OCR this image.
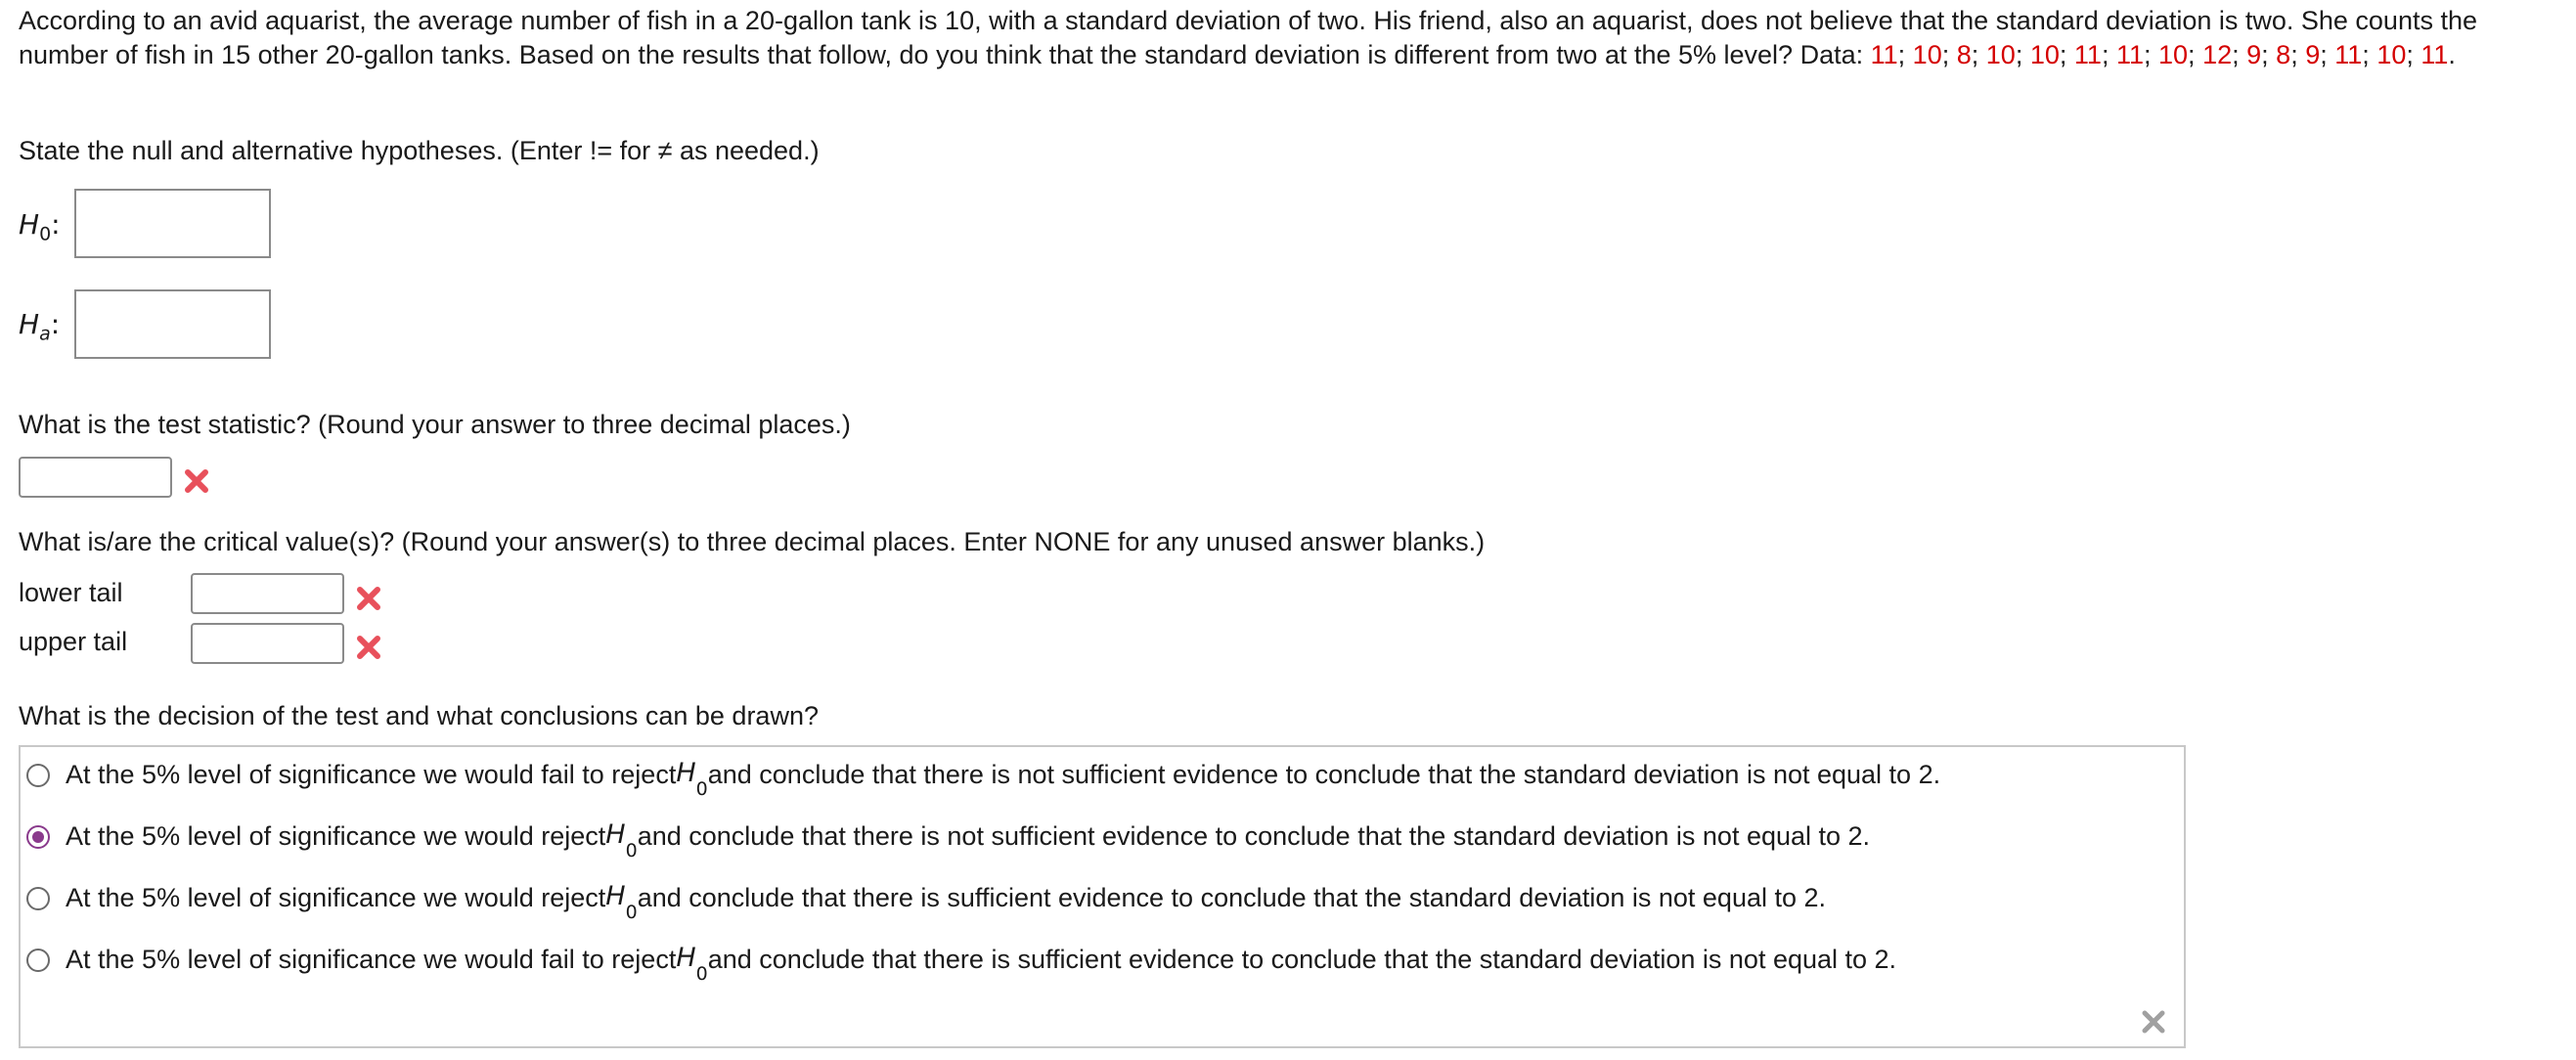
According to an avid aquarist, the average number of fish in a 20-gallon tank is 10, with a standard deviation of two. His friend, also an aquarist, does not believe that the standard deviation is two. She counts the number of fish in 15 other 20-gallon tanks. Based on the results that follow, do you think that the standard deviation is different from two at the 5% level? Data: 11; 10; 8; 10; 10; 11; 11; 10; 12; 9; 8; 9; 11; 10; 11.
State the null and alternative hypotheses. (Enter != for ≠ as needed.)
$H_0$:
$H_a$:
What is the test statistic? (Round your answer to three decimal places.)
What is/are the critical value(s)? (Round your answer(s) to three decimal places. Enter NONE for any unused answer blanks.)
lower tail
upper tail
What is the decision of the test and what conclusions can be drawn?
At the 5% level of significance we would fail to reject $H_0$
and conclude that there is not sufficient evidence to conclude that the standard deviation is not equal to 2.
At the 5% level of significance we would reject $H_0$
and conclude that there is not sufficient evidence to conclude that the standard deviation is not equal to 2.
At the 5% level of significance we would reject $H_0$
and conclude that there is sufficient evidence to conclude that the standard deviation is not equal to 2.
At the 5% level of significance we would fail to reject $H_0$
and conclude that there is sufficient evidence to conclude that the standard deviation is not equal to 2.
